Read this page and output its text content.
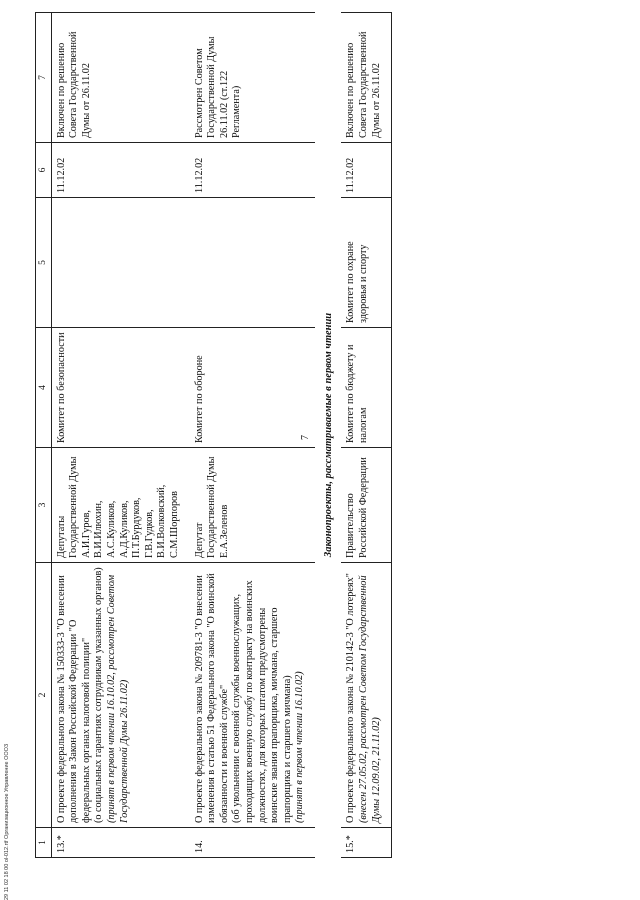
7
29 11 02 18 00 ol-012.rtf Организационное Управление ООО3	1	2	3	4	5	6	7
13.*	О проекте федерального закона № 150333-3 "О внесении дополнения в Закон Российской Федерации "О федеральных органах налоговой полиции" (о социальных гарантиях сотрудникам указанных органов) (принят в первом чтении 16.10.02, рассмотрен Советом Государственной Думы 26.11.02)	Депутаты Государственной Думы А.И.Гуров, В.И.Илюхин, А.С.Куликов, А.Д.Куликов, П.Т.Бурдуков, Г.В.Гудков, В.И.Волковский, С.М.Шорпоров	Комитет по безопасности		11.12.02	Включен по решению Совета Государственной Думы от 26.11.02
14.	О проекте федерального закона № 209781-3 "О внесении изменения в статью 51 Федерального закона "О воинской обязанности и военной службе" (об увольнении с военной службы военнослужащих, проходящих военную службу по контракту на воинских должностях, для которых штатом предусмотрены воинские звания прапорщика, мичмана, старшего прапорщика и старшего мичмана) (принят в первом чтении 16.10.02)	Депутат Государственной Думы Е.А.Зеленов	Комитет по обороне		11.12.02	Рассмотрен Советом Государственной Думы 26.11.02 (ст.122 Регламента)
Законопроекты, рассматриваемые в первом чтении						
15.*	О проекте федерального закона № 210142-3 "О лотереях" (внесен 27.05.02, рассмотрен Советом Государственной Думы 12.09.02, 21.11.02)	Правительство Российской Федерации	Комитет по бюджету и налогам	Комитет по охране здоровья и спорту	11.12.02	Включен по решению Совета Государственной Думы от 26.11.02
